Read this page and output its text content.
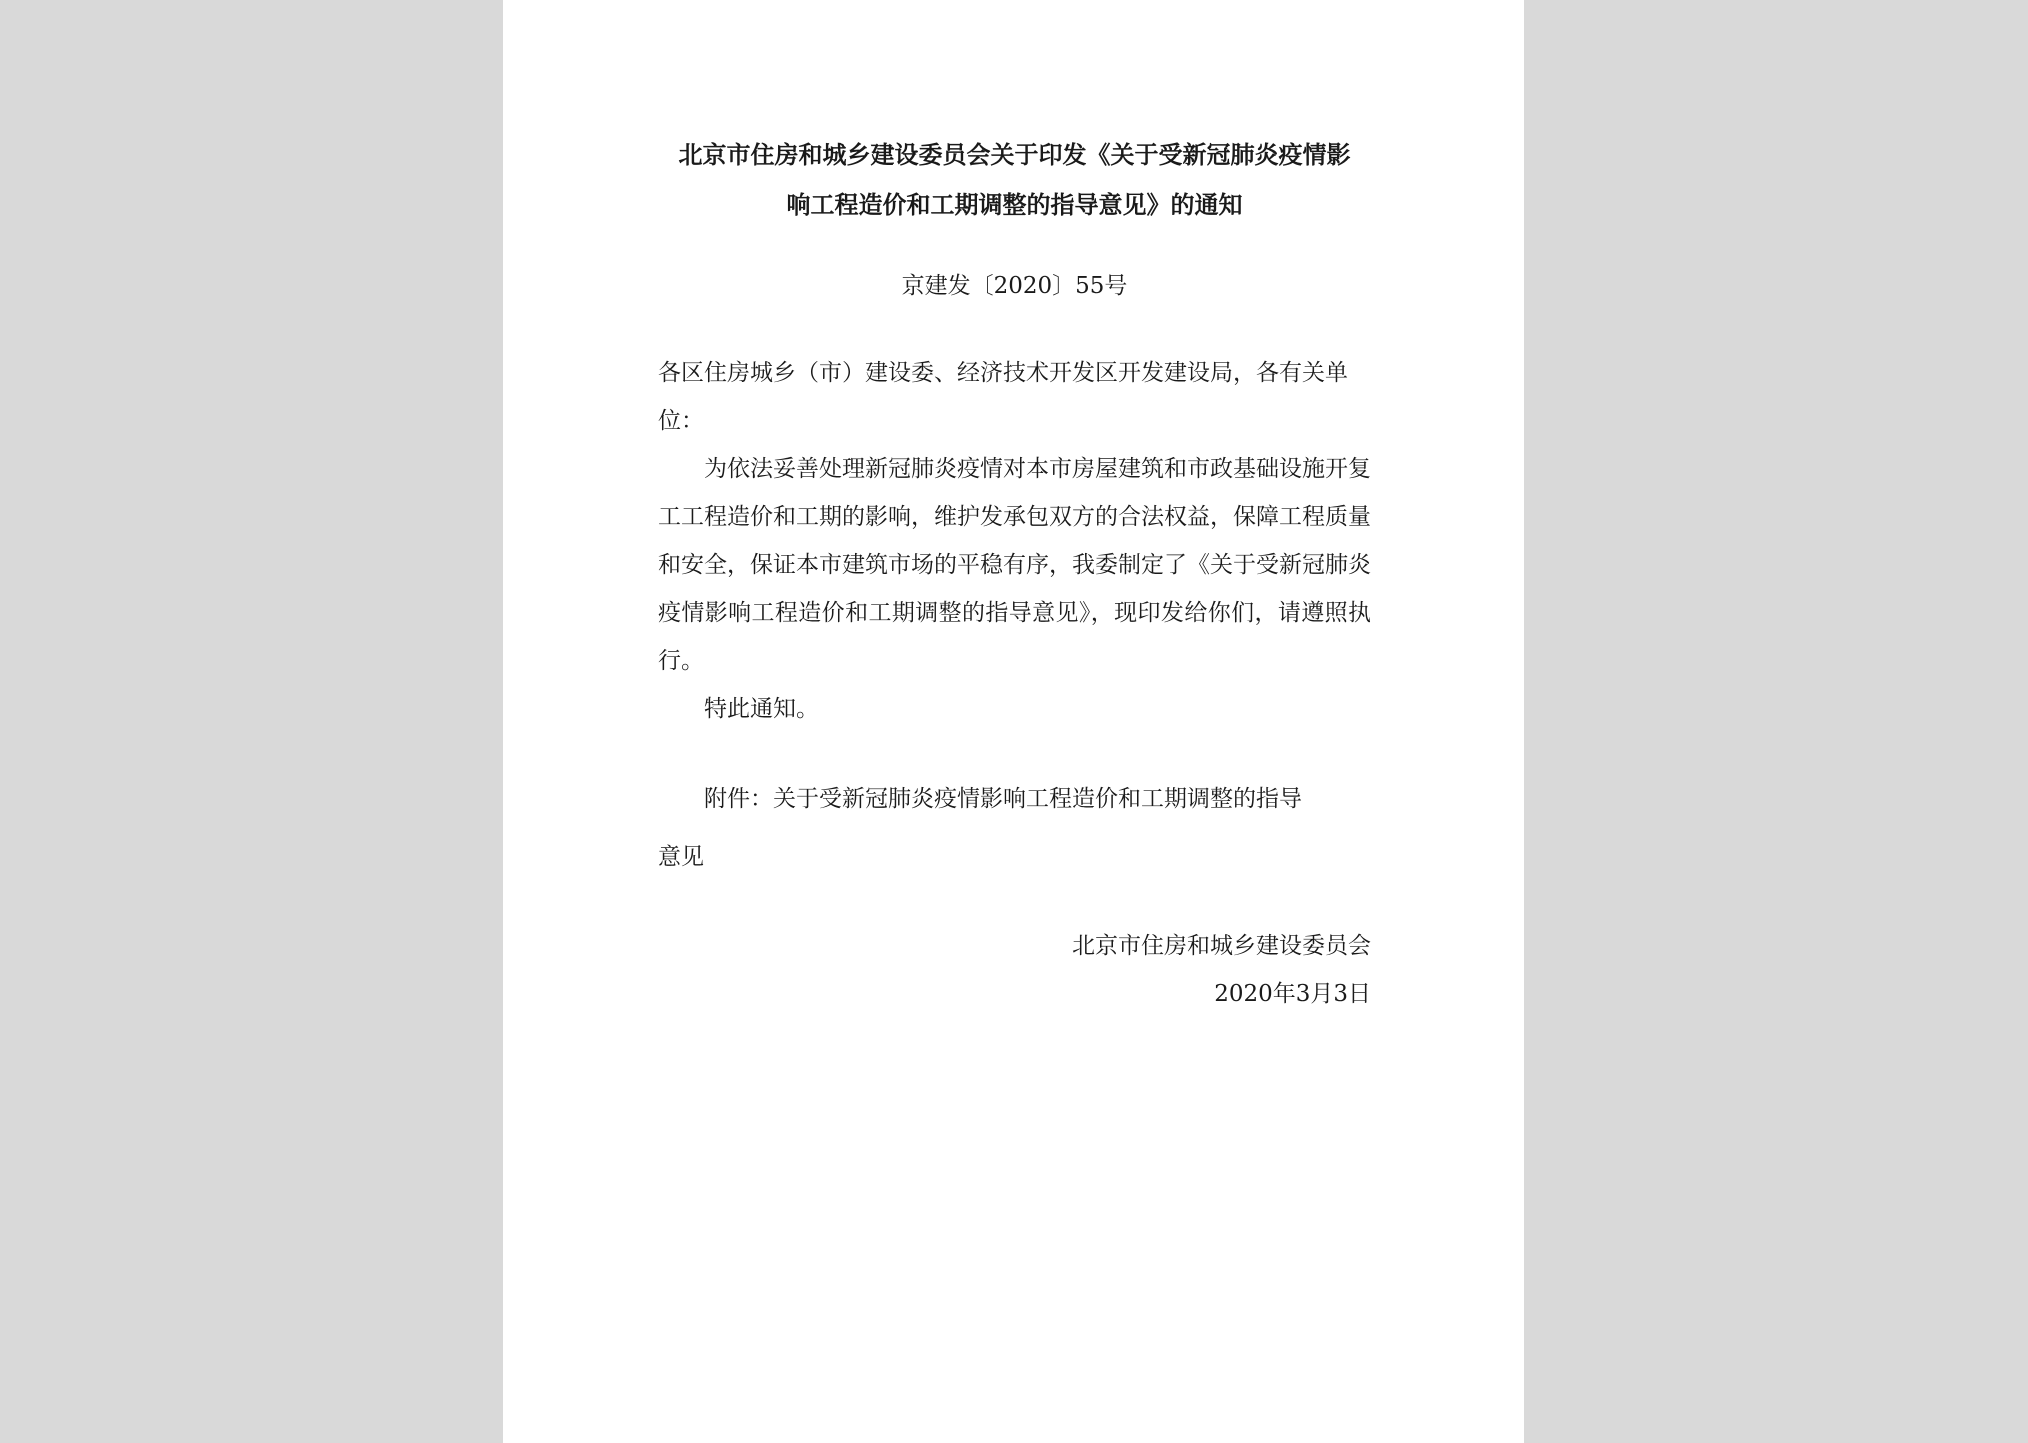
北京市住房和城乡建设委员会关于印发《关于受新冠肺炎疫情影
响工程造价和工期调整的指导意见》的通知
京建发〔2020〕55号
各区住房城乡（市）建设委、经济技术开发区开发建设局，各有关单位：
为依法妥善处理新冠肺炎疫情对本市房屋建筑和市政基础设施开复工工程造价和工期的影响，维护发承包双方的合法权益，保障工程质量和安全，保证本市建筑市场的平稳有序，我委制定了《关于受新冠肺炎疫情影响工程造价和工期调整的指导意见》，现印发给你们，请遵照执行。
特此通知。
附件：关于受新冠肺炎疫情影响工程造价和工期调整的指导
意见
北京市住房和城乡建设委员会
2020年3月3日
